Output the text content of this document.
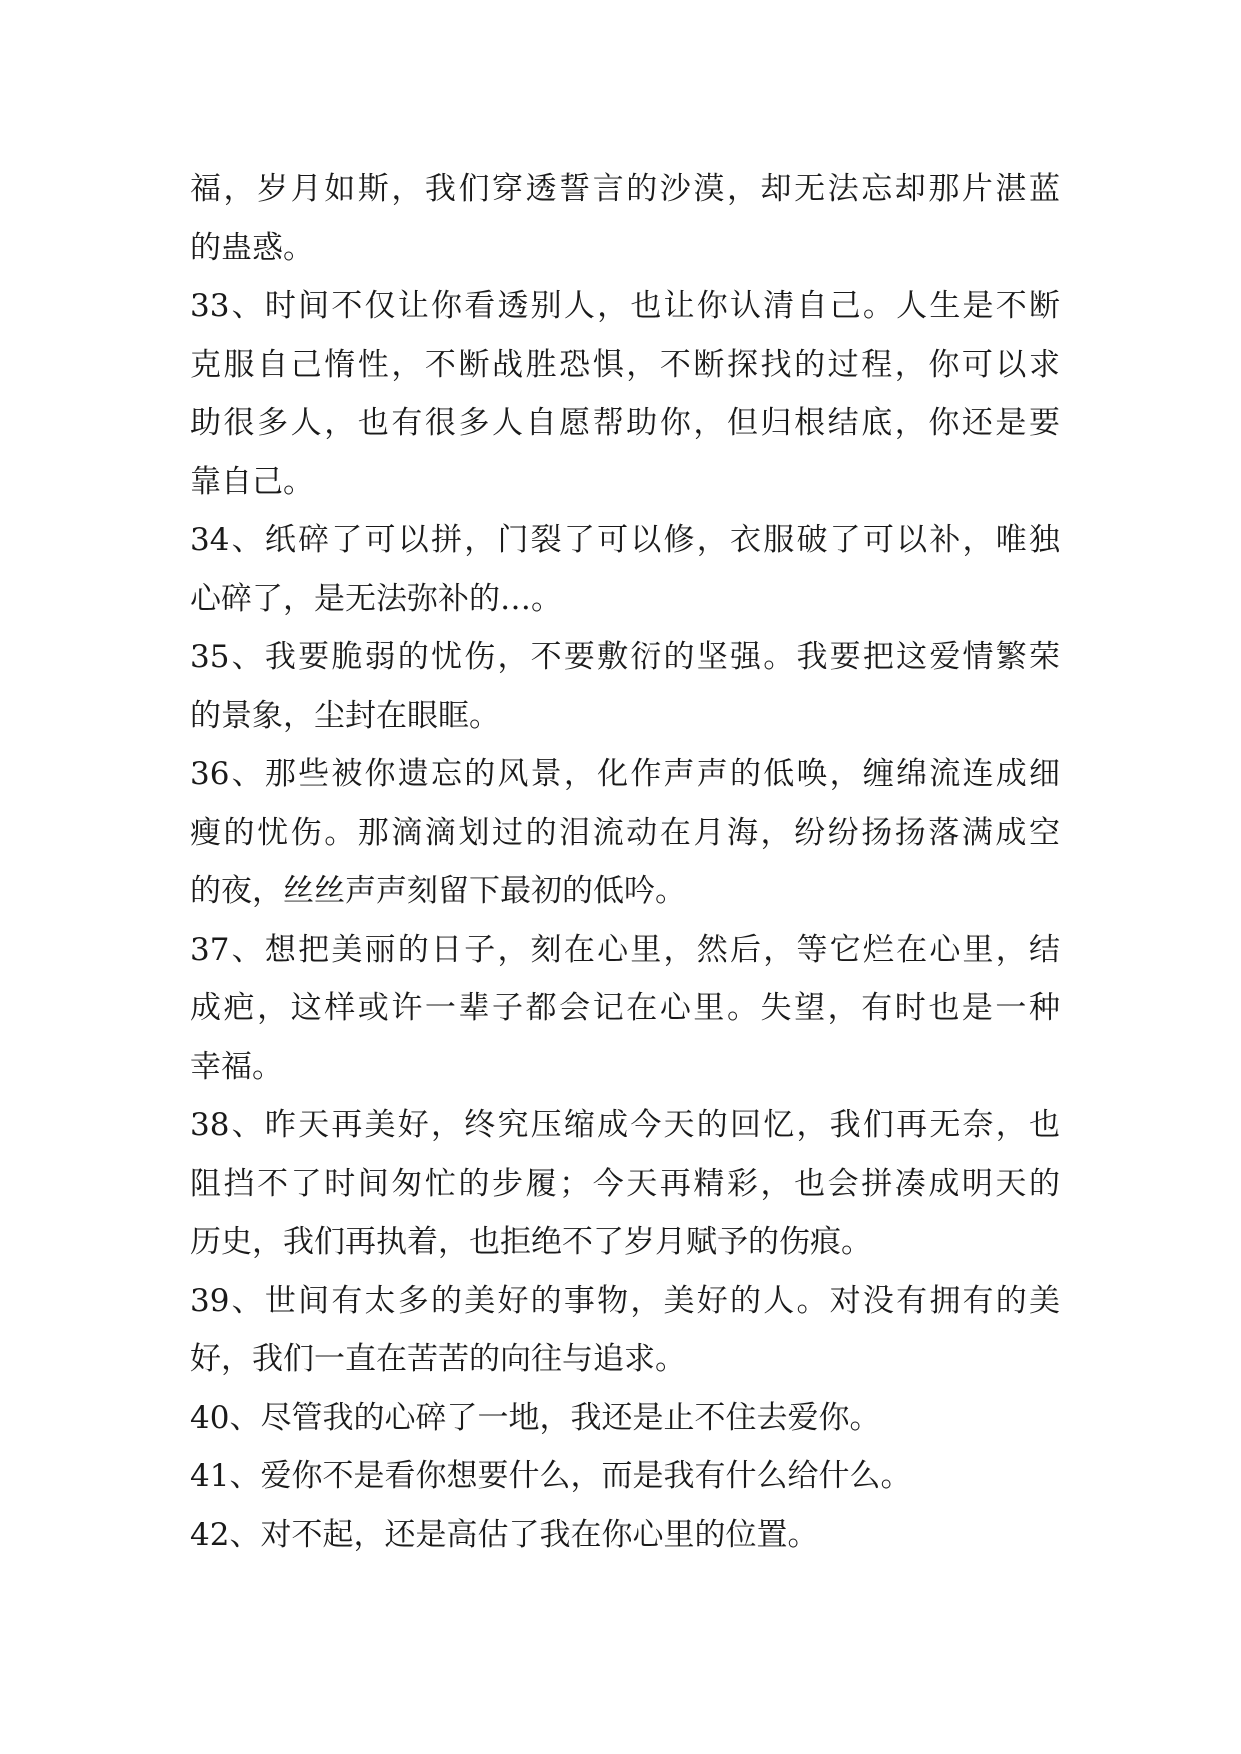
福，岁月如斯，我们穿透誓言的沙漠，却无法忘却那片湛蓝
的蛊惑。
33、时间不仅让你看透别人，也让你认清自己。人生是不断
克服自己惰性，不断战胜恐惧，不断探找的过程，你可以求
助很多人，也有很多人自愿帮助你，但归根结底，你还是要
靠自己。
34、纸碎了可以拼，门裂了可以修，衣服破了可以补，唯独
心碎了，是无法弥补的…。
35、我要脆弱的忧伤，不要敷衍的坚强。我要把这爱情繁荣
的景象，尘封在眼眶。
36、那些被你遗忘的风景，化作声声的低唤，缠绵流连成细
瘦的忧伤。那滴滴划过的泪流动在月海，纷纷扬扬落满成空
的夜，丝丝声声刻留下最初的低吟。
37、想把美丽的日子，刻在心里，然后，等它烂在心里，结
成疤，这样或许一辈子都会记在心里。失望，有时也是一种
幸福。
38、昨天再美好，终究压缩成今天的回忆，我们再无奈，也
阻挡不了时间匆忙的步履；今天再精彩，也会拼凑成明天的
历史，我们再执着，也拒绝不了岁月赋予的伤痕。
39、世间有太多的美好的事物，美好的人。对没有拥有的美
好，我们一直在苦苦的向往与追求。
40、尽管我的心碎了一地，我还是止不住去爱你。
41、爱你不是看你想要什么，而是我有什么给什么。
42、对不起，还是高估了我在你心里的位置。
